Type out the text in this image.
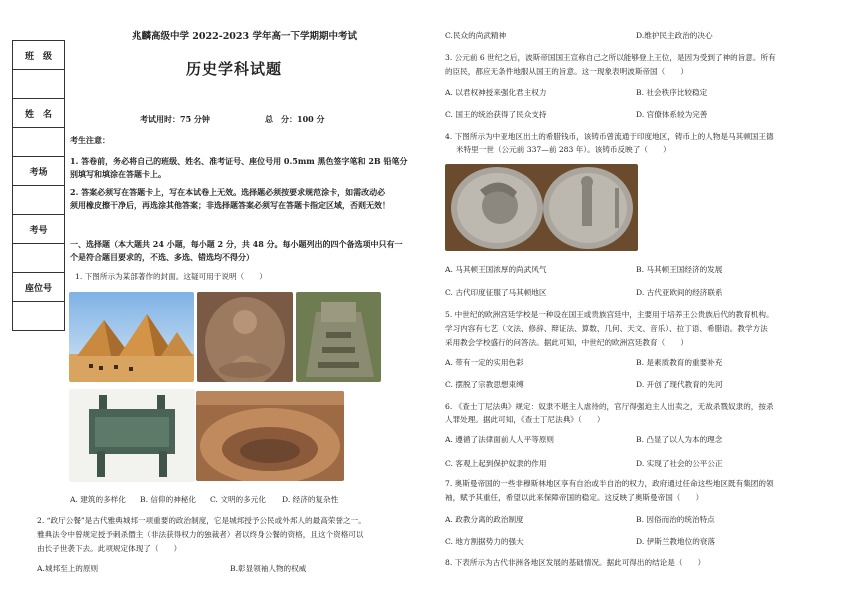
班　级
姓　名
考场
考号
座位号
兆麟高级中学 2022-2023 学年高一下学期期中考试
历史学科试题
考试用时：75 分钟	总　分：100 分
考生注意：
1. 答卷前，务必将自己的班级、姓名、准考证号、座位号用 0.5mm 黑色签字笔和 2B 铅笔分
别填写和填涂在答题卡上。
2. 答案必须写在答题卡上，写在本试卷上无效。选择题必须按要求规范涂卡，如需改动必
须用橡皮擦干净后，再选涂其他答案；非选择题答案必须写在答题卡指定区域，否则无效！
一、选择题（本大题共 24 小题，每小题 2 分，共 48 分。每小题列出的四个备选项中只有一
个是符合题目要求的，不选、多选、错选均不得分）
1. 下图所示为某部著作的封面。这疑可用于说明（　　）
A. 建筑的多样化 B. 信仰的神秘化 C. 文明的多元化 D. 经济的复杂性
2. “政厅公餐”是古代雅典城邦一项重要的政治制度，它是城邦授予公民或外邦人的最高荣誉之一。
雅典法令中曾规定授予刺杀僭主（非法获得权力的独裁者）者以终身公餐的资格，且这个资格可以
由长子世袭下去。此项规定体现了（　　）
A.城邦至上的原则	B.彰显领袖人物的权威
C.民众的尚武精神	D.维护民主政治的决心
3. 公元前 6 世纪之后，波斯帝国国王宣称自己之所以能够登上王位，是因为受到了神的旨意。所有
的臣民，都应无条件地服从国王的旨意。这一现象表明波斯帝国（　　）
A. 以君权神授来强化君主权力	B. 社会秩序比较稳定
C. 国王的统治获得了民众支持	D. 官僚体系较为完善
4. 下图所示为中亚地区出土的希腊钱币，该铸币曾流通于印度地区，铸币上的人物是马其顿国王德
米特里一世（公元前 337—前 283 年）。该铸币反映了（　　）
A. 马其顿王国浓厚的尚武风气	B. 马其顿王国经济的发展
C. 古代印度征服了马其顿地区	D. 古代亚欧间的经济联系
5. 中世纪的欧洲宫廷学校是一种设在国王或贵族宫廷中，主要用于培养王公贵族后代的教育机构。
学习内容有七艺（文法、修辞、辩证法、算数、几何、天文、音乐）、拉丁语、希腊语。教学方法
采用教会学校盛行的问答法。据此可知，中世纪的欧洲宫廷教育（　　）
A. 带有一定的实用色彩	B. 是素质教育的重要补充
C. 摆脱了宗教思想束缚	D. 开创了现代教育的先河
6. 《查士丁尼法典》规定：奴隶不堪主人虐待的，官厅得强迫主人出卖之，无故杀戮奴隶的，按杀
人罪处理。据此可知，《查士丁尼法典》（　　）
A. 遵循了法律面前人人平等原则	B. 凸显了以人为本的理念
C. 客观上起到保护奴隶的作用	D. 实现了社会的公平公正
7. 奥斯曼帝国的一些非穆斯林地区享有自治或半自治的权力，政府通过任命这些地区既有集团的领
袖，赋予其重任，希望以此来保障帝国的稳定。这反映了奥斯曼帝国（　　）
A. 政教分离的政治制度	B. 因俗而治的统治特点
C. 地方割据势力的强大	D. 伊斯兰教地位的衰落
8. 下表所示为古代非洲各地区发展的基础情况。据此可得出的结论是（　　）
